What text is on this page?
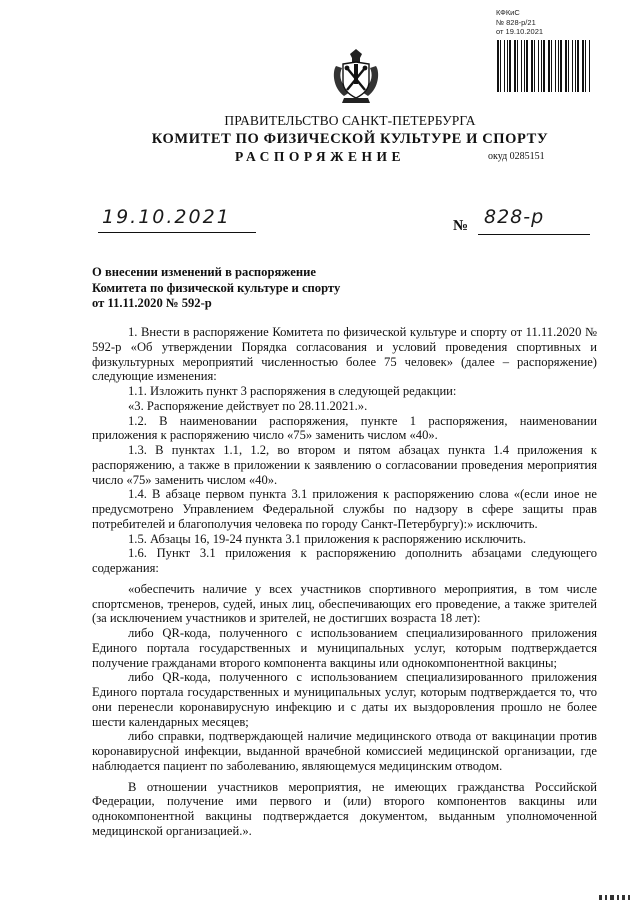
КФКиС
№ 828-р/21
от 19.10.2021
ПРАВИТЕЛЬСТВО САНКТ-ПЕТЕРБУРГА
КОМИТЕТ ПО ФИЗИЧЕСКОЙ КУЛЬТУРЕ И СПОРТУ
РАСПОРЯЖЕНИЕ	окуд 0285151
19.10.2021	№ 828-р
О внесении изменений в распоряжение
Комитета по физической культуре и спорту
от 11.11.2020 № 592-р

1. Внести в распоряжение Комитета по физической культуре и спорту от 11.11.2020 № 592-р «Об утверждении Порядка согласования и условий проведения спортивных и физкультурных мероприятий численностью более 75 человек» (далее – распоряжение) следующие изменения:

1.1. Изложить пункт 3 распоряжения в следующей редакции:

«3. Распоряжение действует по 28.11.2021.».

1.2. В наименовании распоряжения, пункте 1 распоряжения, наименовании приложения к распоряжению число «75» заменить числом «40».

1.3. В пунктах 1.1, 1.2, во втором и пятом абзацах пункта 1.4 приложения к распоряжению, а также в приложении к заявлению о согласовании проведения мероприятия число «75» заменить числом «40».

1.4. В абзаце первом пункта 3.1 приложения к распоряжению слова «(если иное не предусмотрено Управлением Федеральной службы по надзору в сфере защиты прав потребителей и благополучия человека по городу Санкт-Петербургу):» исключить.

1.5. Абзацы 16, 19-24 пункта 3.1 приложения к распоряжению исключить.

1.6. Пункт 3.1 приложения к распоряжению дополнить абзацами следующего содержания:

«обеспечить наличие у всех участников спортивного мероприятия, в том числе спортсменов, тренеров, судей, иных лиц, обеспечивающих его проведение, а также зрителей (за исключением участников и зрителей, не достигших возраста 18 лет):

либо QR-кода, полученного с использованием специализированного приложения Единого портала государственных и муниципальных услуг, которым подтверждается получение гражданами второго компонента вакцины или однокомпонентной вакцины;

либо QR-кода, полученного с использованием специализированного приложения Единого портала государственных и муниципальных услуг, которым подтверждается то, что они перенесли коронавирусную инфекцию и с даты их выздоровления прошло не более шести календарных месяцев;

либо справки, подтверждающей наличие медицинского отвода от вакцинации против коронавирусной инфекции, выданной врачебной комиссией медицинской организации, где наблюдается пациент по заболеванию, являющемуся медицинским отводом.

В отношении участников мероприятия, не имеющих гражданства Российской Федерации, получение ими первого и (или) второго компонентов вакцины или однокомпонентной вакцины подтверждается документом, выданным уполномоченной медицинской организацией.».
